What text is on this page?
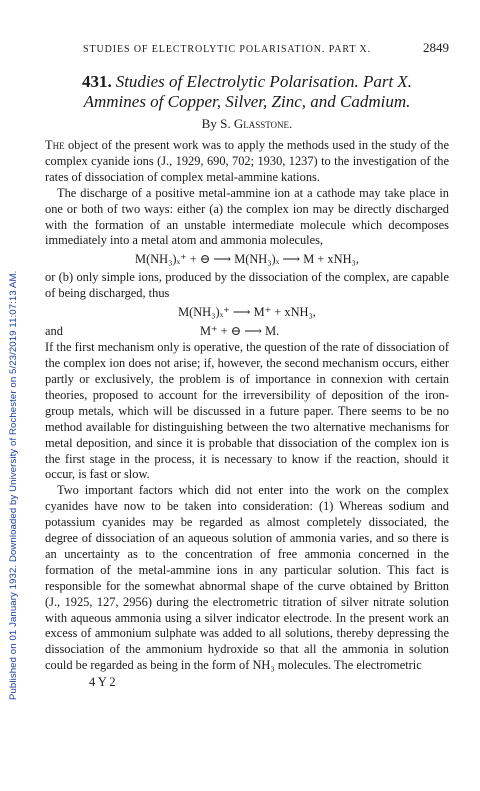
Published on 01 January 1932. Downloaded by University of Rochester on 5/23/2019 11:07:13 AM.
STUDIES OF ELECTROLYTIC POLARISATION. PART X.	2849
431. Studies of Electrolytic Polarisation. Part X.
Ammines of Copper, Silver, Zinc, and Cadmium.
By S. Glasstone.

The object of the present work was to apply the methods used in the study of the complex cyanide ions (J., 1929, 690, 702; 1930, 1237) to the investigation of the rates of dissociation of complex metal-ammine kations.

The discharge of a positive metal-ammine ion at a cathode may take place in one or both of two ways: either (a) the complex ion may be directly discharged with the formation of an unstable intermediate molecule which decomposes immediately into a metal atom and ammonia molecules,

M(NH₃)ₓ⁺ + ⊖ ⟶ M(NH₃)ₓ ⟶ M + xNH₃,

or (b) only simple ions, produced by the dissociation of the complex, are capable of being discharged, thus

M(NH₃)ₓ⁺ ⟶ M⁺ + xNH₃,
and	M⁺ + ⊖ ⟶ M.

If the first mechanism only is operative, the question of the rate of dissociation of the complex ion does not arise; if, however, the second mechanism occurs, either partly or exclusively, the problem is of importance in connexion with certain theories, proposed to account for the irreversibility of deposition of the iron-group metals, which will be discussed in a future paper. There seems to be no method available for distinguishing between the two alternative mechanisms for metal deposition, and since it is probable that dissociation of the complex ion is the first stage in the process, it is necessary to know if the reaction, should it occur, is fast or slow.

Two important factors which did not enter into the work on the complex cyanides have now to be taken into consideration: (1) Whereas sodium and potassium cyanides may be regarded as almost completely dissociated, the degree of dissociation of an aqueous solution of ammonia varies, and so there is an uncertainty as to the concentration of free ammonia concerned in the formation of the metal-ammine ions in any particular solution. This fact is responsible for the somewhat abnormal shape of the curve obtained by Britton (J., 1925, 127, 2956) during the electrometric titration of silver nitrate solution with aqueous ammonia using a silver indicator electrode. In the present work an excess of ammonium sulphate was added to all solutions, thereby depressing the dissociation of the ammonium hydroxide so that all the ammonia in solution could be regarded as being in the form of NH₃ molecules. The electrometric

4 Y 2
